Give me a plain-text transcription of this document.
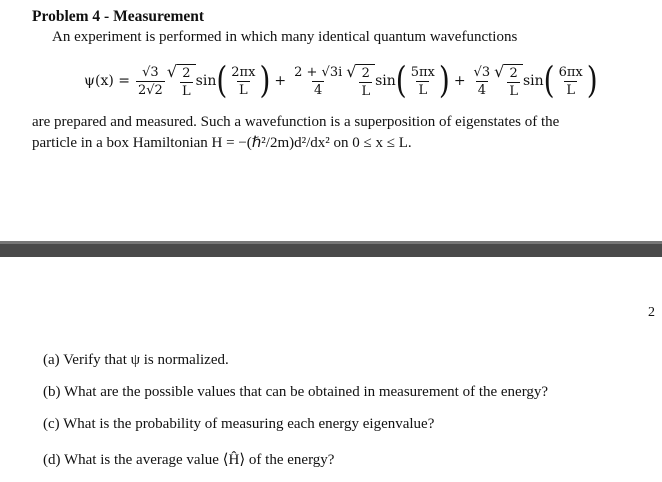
Problem 4 - Measurement
An experiment is performed in which many identical quantum wavefunctions
$\psi(x) = \frac{√3}{2√2}$ √ $\frac{2}{L}$ sin ( $\frac{2\pi x}{L}$ ) + $\frac{2 + √3i}{4}$ √ $\frac{2}{L}$ sin ( $\frac{5\pi x}{L}$ ) + $\frac{√3}{4}$ √ $\frac{2}{L}$ sin ( $\frac{6\pi x}{L}$ )
are prepared and measured. Such a wavefunction is a superposition of eigenstates of the
particle in a box Hamiltonian H = −(ℏ²/2m)d²/dx² on 0 ≤ x ≤ L.
2
(a) Verify that ψ is normalized.
(b) What are the possible values that can be obtained in measurement of the energy?
(c) What is the probability of measuring each energy eigenvalue?
(d) What is the average value ⟨Ĥ⟩ of the energy?
